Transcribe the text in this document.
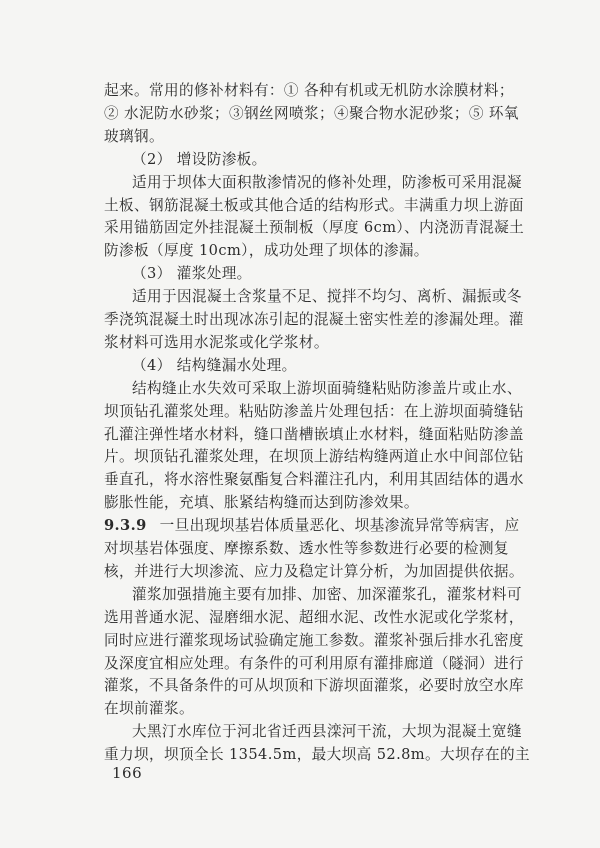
起来。常用的修补材料有：① 各种有机或无机防水涂膜材料；
② 水泥防水砂浆；③钢丝网喷浆；④聚合物水泥砂浆；⑤ 环氧
玻璃钢。
（2） 增设防渗板。
适用于坝体大面积散渗情况的修补处理，防渗板可采用混凝
土板、钢筋混凝土板或其他合适的结构形式。丰满重力坝上游面
采用锚筋固定外挂混凝土预制板（厚度 6cm）、内浇沥青混凝土
防渗板（厚度 10cm），成功处理了坝体的渗漏。
（3） 灌浆处理。
适用于因混凝土含浆量不足、搅拌不均匀、离析、漏振或冬
季浇筑混凝土时出现冰冻引起的混凝土密实性差的渗漏处理。灌
浆材料可选用水泥浆或化学浆材。
（4） 结构缝漏水处理。
结构缝止水失效可采取上游坝面骑缝粘贴防渗盖片或止水、
坝顶钻孔灌浆处理。粘贴防渗盖片处理包括：在上游坝面骑缝钻
孔灌注弹性堵水材料，缝口凿槽嵌填止水材料，缝面粘贴防渗盖
片。坝顶钻孔灌浆处理，在坝顶上游结构缝两道止水中间部位钻
垂直孔，将水溶性聚氨酯复合料灌注孔内，利用其固结体的遇水
膨胀性能，充填、胀紧结构缝而达到防渗效果。
9.3.9 一旦出现坝基岩体质量恶化、坝基渗流异常等病害，应
对坝基岩体强度、摩擦系数、透水性等参数进行必要的检测复
核，并进行大坝渗流、应力及稳定计算分析，为加固提供依据。
灌浆加强措施主要有加排、加密、加深灌浆孔，灌浆材料可
选用普通水泥、湿磨细水泥、超细水泥、改性水泥或化学浆材，
同时应进行灌浆现场试验确定施工参数。灌浆补强后排水孔密度
及深度宜相应处理。有条件的可利用原有灌排廊道（隧洞）进行
灌浆，不具备条件的可从坝顶和下游坝面灌浆，必要时放空水库
在坝前灌浆。
大黑汀水库位于河北省迁西县滦河干流，大坝为混凝土宽缝
重力坝，坝顶全长 1354.5m，最大坝高 52.8m。大坝存在的主
166
